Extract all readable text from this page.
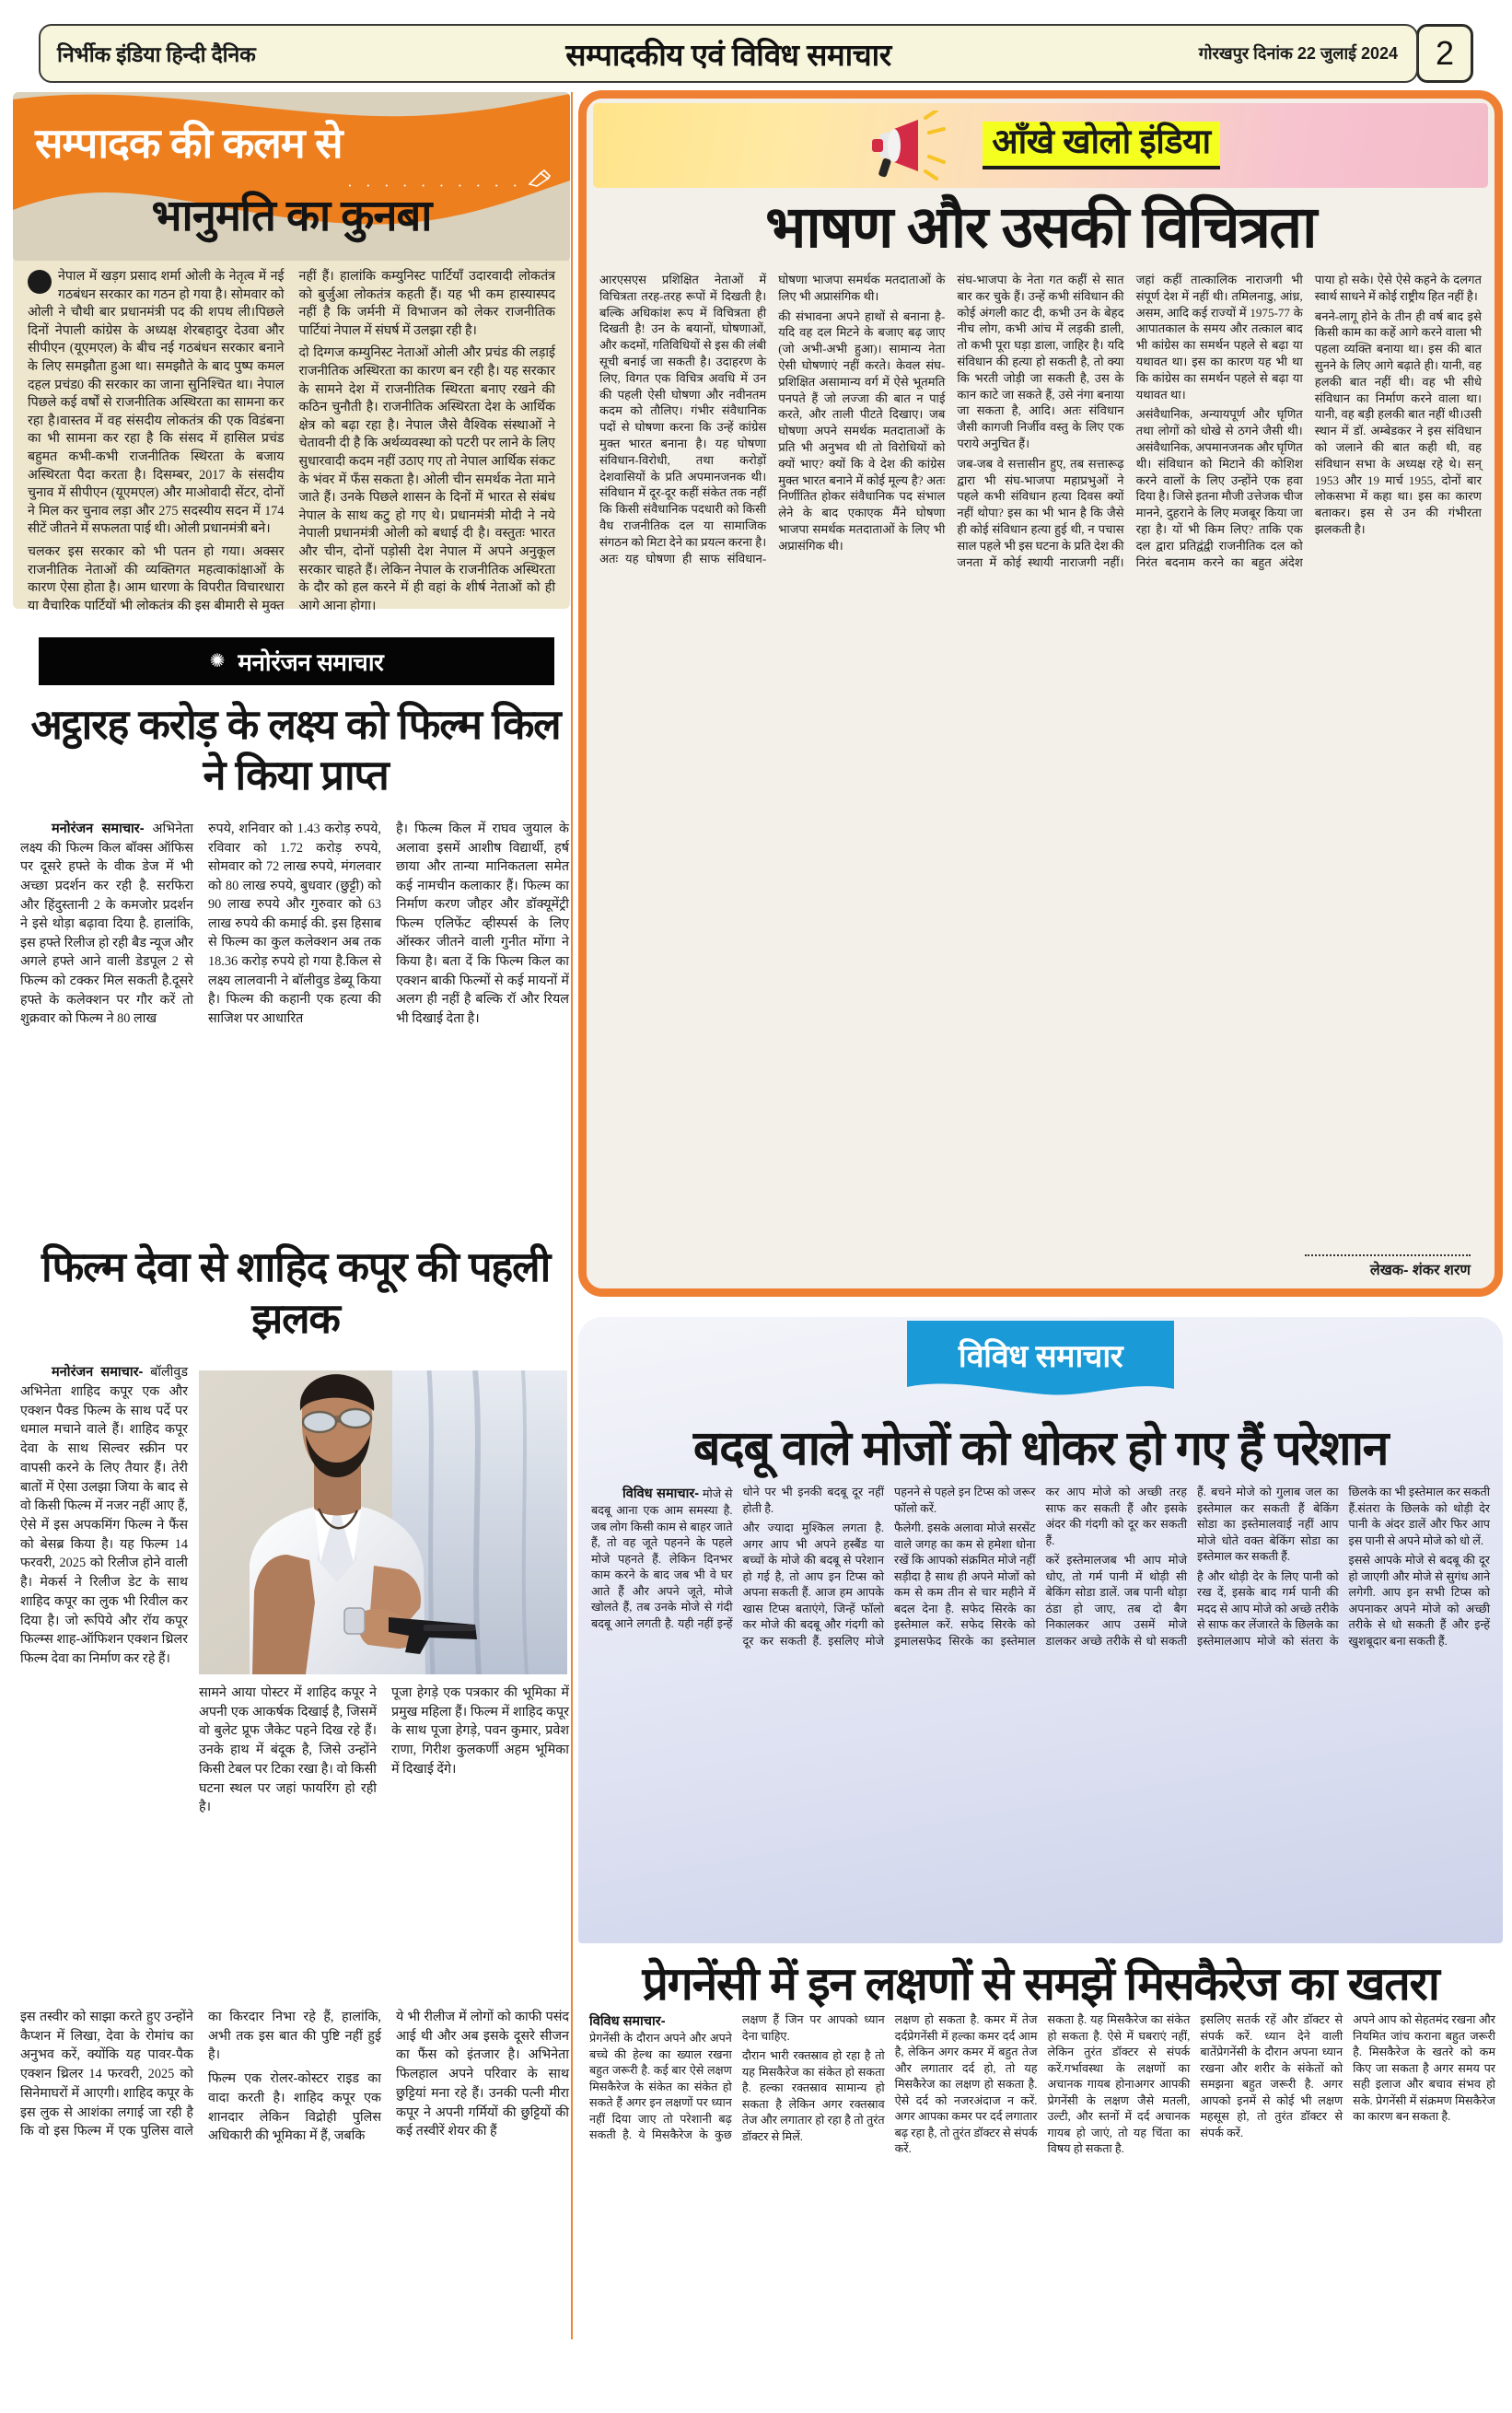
निर्भीक इंडिया हिन्दी दैनिक	सम्पादकीय एवं विविध समाचार	गोरखपुर दिनांक 22 जुलाई 2024	2
सम्पादक की कलम से
· · · · · · · · · ·
भानुमति का कुनबा

नेपाल में खड़ग प्रसाद शर्मा ओली के नेतृत्व में नई गठबंधन सरकार का गठन हो गया है। सोमवार को ओली ने चौथी बार प्रधानमंत्री पद की शपथ ली।पिछले दिनों नेपाली कांग्रेस के अध्यक्ष शेरबहादुर देउवा और सीपीएन (यूएमएल) के बीच नई गठबंधन सरकार बनाने के लिए समझौता हुआ था। समझौते के बाद पुष्प कमल दहल प्रचंड0 की सरकार का जाना सुनिश्चित था। नेपाल पिछले कई वर्षों से राजनीतिक अस्थिरता का सामना कर रहा है।वास्तव में वह संसदीय लोकतंत्र की एक विडंबना का भी सामना कर रहा है कि संसद में हासिल प्रचंड बहुमत कभी-कभी राजनीतिक स्थिरता के बजाय अस्थिरता पैदा करता है। दिसम्बर, 2017 के संसदीय चुनाव में सीपीएन (यूएमएल) और माओवादी सेंटर, दोनों ने मिल कर चुनाव लड़ा और 275 सदस्यीय सदन में 174 सीटें जीतने में सफलता पाई थी। ओली प्रधानमंत्री बने।

चलकर इस सरकार को भी पतन हो गया। अक्सर राजनीतिक नेताओं की व्यक्तिगत महत्वाकांक्षाओं के कारण ऐसा होता है। आम धारणा के विपरीत विचारधारा या वैचारिक पार्टियों भी लोकतंत्र की इस बीमारी से मुक्त नहीं हैं। हालांकि कम्युनिस्ट पार्टियाँ उदारवादी लोकतंत्र को बुर्जुआ लोकतंत्र कहती हैं। यह भी कम हास्यास्पद नहीं है कि जर्मनी में विभाजन को लेकर राजनीतिक पार्टियां नेपाल में संघर्ष में उलझा रही है।

दो दिग्गज कम्युनिस्ट नेताओं ओली और प्रचंड की लड़ाई राजनीतिक अस्थिरता का कारण बन रही है। यह सरकार के सामने देश में राजनीतिक स्थिरता बनाए रखने की कठिन चुनौती है। राजनीतिक अस्थिरता देश के आर्थिक क्षेत्र को बढ़ा रहा है। नेपाल जैसे वैश्विक संस्थाओं ने चेतावनी दी है कि अर्थव्यवस्था को पटरी पर लाने के लिए सुधारवादी कदम नहीं उठाए गए तो नेपाल आर्थिक संकट के भंवर में फँस सकता है। ओली चीन समर्थक नेता माने जाते हैं। उनके पिछले शासन के दिनों में भारत से संबंध नेपाल के साथ कटु हो गए थे। प्रधानमंत्री मोदी ने नये नेपाली प्रधानमंत्री ओली को बधाई दी है। वस्तुतः भारत और चीन, दोनों पड़ोसी देश नेपाल में अपने अनुकूल सरकार चाहते हैं। लेकिन नेपाल के राजनीतिक अस्थिरता के दौर को हल करने में ही वहां के शीर्ष नेताओं को ही आगे आना होगा।

✺ मनोरंजन समाचार
अट्ठारह करोड़ के लक्ष्य को फिल्म किल ने किया प्राप्त

मनोरंजन समाचार- अभिनेता लक्ष्य की फिल्म किल बॉक्स ऑफिस पर दूसरे हफ्ते के वीक डेज में भी अच्छा प्रदर्शन कर रही है. सरफिरा और हिंदुस्तानी 2 के कमजोर प्रदर्शन ने इसे थोड़ा बढ़ावा दिया है. हालांकि, इस हफ्ते रिलीज हो रही बैड न्यूज और अगले हफ्ते आने वाली डेडपूल 2 से फिल्म को टक्कर मिल सकती है.दूसरे हफ्ते के कलेक्शन पर गौर करें तो शुक्रवार को फिल्म ने 80 लाख

रुपये, शनिवार को 1.43 करोड़ रुपये, रविवार को 1.72 करोड़ रुपये, सोमवार को 72 लाख रुपये, मंगलवार को 80 लाख रुपये, बुधवार (छुट्टी) को 90 लाख रुपये और गुरुवार को 63 लाख रुपये की कमाई की. इस हिसाब से फिल्म का कुल कलेक्शन अब तक 18.36 करोड़ रुपये हो गया है.किल से लक्ष्य लालवानी ने बॉलीवुड डेब्यू किया है। फिल्म की कहानी एक हत्या की साजिश पर आधारित

है। फिल्म किल में राघव जुयाल के अलावा इसमें आशीष विद्यार्थी, हर्ष छाया और तान्या मानिकतला समेत कई नामचीन कलाकार हैं। फिल्म का निर्माण करण जौहर और डॉक्यूमेंट्री फिल्म एलिफेंट व्हीस्पर्स के लिए ऑस्कर जीतने वाली गुनीत मोंगा ने किया है। बता दें कि फिल्म किल का एक्शन बाकी फिल्मों से कई मायनों में अलग ही नहीं है बल्कि रॉ और रियल भी दिखाई देता है।

फिल्म देवा से शाहिद कपूर की पहली झलक

मनोरंजन समाचार- बॉलीवुड अभिनेता शाहिद कपूर एक और एक्शन पैक्ड फिल्म के साथ पर्दे पर धमाल मचाने वाले हैं। शाहिद कपूर देवा के साथ सिल्वर स्क्रीन पर वापसी करने के लिए तैयार हैं। तेरी बातों में ऐसा उलझा जिया के बाद से वो किसी फिल्म में नजर नहीं आए हैं, ऐसे में इस अपकमिंग फिल्म ने फैंस को बेसब्र किया है। यह फिल्म 14 फरवरी, 2025 को रिलीज होने वाली है। मेकर्स ने रिलीज डेट के साथ शाहिद कपूर का लुक भी रिवील कर दिया है। जो रूपिये और रॉय कपूर फिल्म्स शाह-ऑफिशन एक्शन थ्रिलर फिल्म देवा का निर्माण कर रहे हैं।

सामने आया पोस्टर में शाहिद कपूर ने अपनी एक आकर्षक दिखाई है, जिसमें वो बुलेट प्रूफ जैकेट पहने दिख रहे हैं। उनके हाथ में बंदूक है, जिसे उन्होंने किसी टेबल पर टिका रखा है। वो किसी घटना स्थल पर जहां फायरिंग हो रही है।

पूजा हेगड़े एक पत्रकार की भूमिका में प्रमुख महिला हैं। फिल्म में शाहिद कपूर के साथ पूजा हेगड़े, पवन कुमार, प्रवेश राणा, गिरीश कुलकर्णी अहम भूमिका में दिखाई देंगे।

इस तस्वीर को साझा करते हुए उन्होंने कैप्शन में लिखा, देवा के रोमांच का अनुभव करें, क्योंकि यह पावर-पैक एक्शन थ्रिलर 14 फरवरी, 2025 को सिनेमाघरों में आएगी। शाहिद कपूर के इस लुक से आशंका लगाई जा रही है कि वो इस फिल्म में एक पुलिस वाले का किरदार निभा रहे हैं, हालांकि, अभी तक इस बात की पुष्टि नहीं हुई है।

फिल्म एक रोलर-कोस्टर राइड का वादा करती है। शाहिद कपूर एक शानदार लेकिन विद्रोही पुलिस अधिकारी की भूमिका में हैं, जबकि

ये भी रीलीज में लोगों को काफी पसंद आई थी और अब इसके दूसरे सीजन का फैंस को इंतजार है। अभिनेता फिलहाल अपने परिवार के साथ छुट्टियां मना रहे हैं। उनकी पत्नी मीरा कपूर ने अपनी गर्मियों की छुट्टियों की कई तस्वीरें शेयर की हैं

आँखे खोलो इंडिया
भाषण और उसकी विचित्रता

आरएसएस प्रशिक्षित नेताओं में विचित्रता तरह-तरह रूपों में दिखती है। बल्कि अधिकांश रूप में विचित्रता ही दिखती है! उन के बयानों, घोषणाओं, और कदमों, गतिविधियों से इस की लंबी सूची बनाई जा सकती है। उदाहरण के लिए, विगत एक विचित्र अवधि में उन की पहली ऐसी घोषणा और नवीनतम कदम को तौलिए। गंभीर संवैधानिक पदों से घोषणा करना कि उन्हें कांग्रेस मुक्त भारत बनाना है। यह घोषणा संविधान-विरोधी, तथा करोड़ों देशवासियों के प्रति अपमानजनक थी। संविधान में दूर-दूर कहीं संकेत तक नहीं कि किसी संवैधानिक पदधारी को किसी वैध राजनीतिक दल या सामाजिक संगठन को मिटा देने का प्रयत्न करना है। अतः यह घोषणा ही साफ संविधान-घोषणा भाजपा समर्थक मतदाताओं के लिए भी अप्रासंगिक थी।

की संभावना अपने हाथों से बनाना है- यदि वह दल मिटने के बजाए बढ़ जाए (जो अभी-अभी हुआ)। सामान्य नेता ऐसी घोषणाएं नहीं करते। केवल संघ-प्रशिक्षित असामान्य वर्ग में ऐसे भूतमति पनपते हैं जो लज्जा की बात न पाई करते, और ताली पीटते दिखाए। जब घोषणा अपने समर्थक मतदाताओं के प्रति भी अनुभव थी तो विरोधियों को क्यों भाए? क्यों कि वे देश की कांग्रेस मुक्त भारत बनाने में कोई मूल्य है? अतः निर्णीतित होकर संवैधानिक पद संभाल लेने के बाद एकाएक मैंने घोषणा भाजपा समर्थक मतदाताओं के लिए भी अप्रासंगिक थी।

संघ-भाजपा के नेता गत कहीं से सात बार कर चुके हैं। उन्हें कभी संविधान की कोई अंगली काट दी, कभी उन के बेहद नीच लोग, कभी आंच में लड़की डाली, तो कभी पूरा घड़ा डाला, जाहिर है। यदि संविधान की हत्या हो सकती है, तो क्या कि भरती जोड़ी जा सकती है, उस के कान काटे जा सकते हैं, उसे नंगा बनाया जा सकता है, आदि। अतः संविधान जैसी कागजी निर्जीव वस्तु के लिए एक पराये अनुचित हैं।

जब-जब वे सत्तासीन हुए, तब सत्तारूढ़ द्वारा भी संघ-भाजपा महाप्रभुओं ने पहले कभी संविधान हत्या दिवस क्यों नहीं थोपा? इस का भी भान है कि जैसे ही कोई संविधान हत्या हुई थी, न पचास साल पहले भी इस घटना के प्रति देश की जनता में कोई स्थायी नाराजगी नहीं। जहां कहीं तात्कालिक नाराजगी भी संपूर्ण देश में नहीं थी। तमिलनाडु, आंध्र, असम, आदि कई राज्यों में 1975-77 के आपातकाल के समय और तत्काल बाद भी कांग्रेस का समर्थन पहले से बढ़ा या यथावत था। इस का कारण यह भी था कि कांग्रेस का समर्थन पहले से बढ़ा या यथावत था।

असंवैधानिक, अन्यायपूर्ण और घृणित तथा लोगों को धोखे से ठगने जैसी थी। असंवैधानिक, अपमानजनक और घृणित थी। संविधान को मिटाने की कोशिश करने वालों के लिए उन्होंने एक हवा दिया है। जिसे इतना मौजी उत्तेजक चीज मानने, दुहराने के लिए मजबूर किया जा रहा है। यों भी किम लिए? ताकि एक दल द्वारा प्रतिद्वंद्वी राजनीतिक दल को निरंत बदनाम करने का बहुत अंदेश पाया हो सके। ऐसे ऐसे कहने के दलगत स्वार्थ साधने में कोई राष्ट्रीय हित नहीं है।

बनने-लागू होने के तीन ही वर्ष बाद इसे किसी काम का कहें आगे करने वाला भी पहला व्यक्ति बनाया था। इस की बात सुनने के लिए आगे बढ़ाते ही। यानी, वह हलकी बात नहीं थी। वह भी सीधे संविधान का निर्माण करने वाला था। यानी, वह बड़ी हलकी बात नहीं थी।उसी स्थान में डॉ. अम्बेडकर ने इस संविधान को जलाने की बात कही थी, वह संविधान सभा के अध्यक्ष रहे थे। सन् 1953 और 19 मार्च 1955, दोनों बार लोकसभा में कहा था। इस का कारण बताकर। इस से उन की गंभीरता झलकती है।

लेखक- शंकर शरण
विविध समाचार
बदबू वाले मोजों को धोकर हो गए हैं परेशान

विविध समाचार- मोजे से बदबू आना एक आम समस्या है. जब लोग किसी काम से बाहर जाते हैं, तो वह जूते पहनने के पहले मोजे पहनते हैं. लेकिन दिनभर काम करने के बाद जब भी वे घर आते हैं और अपने जूते, मोजे खोलते हैं, तब उनके मोजे से गंदी बदबू आने लगती है. यही नहीं इन्हें धोने पर भी इनकी बदबू दूर नहीं होती है.

और ज्यादा मुश्किल लगता है. अगर आप भी अपने हस्बैंड या बच्चों के मोजे की बदबू से परेशान हो गई है, तो आप इन टिप्स को अपना सकती हैं. आज हम आपके खास टिप्स बताएंगे, जिन्हें फॉलो कर मोजे की बदबू और गंदगी को दूर कर सकती हैं. इसलिए मोजे पहनने से पहले इन टिप्स को जरूर फॉलो करें.

फैलेगी. इसके अलावा मोजे सरसेंट वाले जगह का कम से हमेशा धोना रखें कि आपको संक्रमित मोजे नहीं सड़ीदा है साथ ही अपने मोजों को कम से कम तीन से चार महीने में बदल देना है. सफेद सिरके का इस्तेमाल करें. सफेद सिरके को ड्रमालसफेद सिरके का इस्तेमाल कर आप मोजे को अच्छी तरह साफ कर सकती हैं और इसके अंदर की गंदगी को दूर कर सकती हैं.

करें इस्तेमालजब भी आप मोजे धोए, तो गर्म पानी में थोड़ी सी बेकिंग सोडा डालें. जब पानी थोड़ा ठंडा हो जाए, तब दो बैग निकालकर आप उसमें मोजे डालकर अच्छे तरीके से धो सकती हैं. बचने मोजे को गुलाब जल का इस्तेमाल कर सकती हैं बेकिंग सोडा का इस्तेमालवाई नहीं आप मोजे धोते वक्त बेकिंग सोडा का इस्तेमाल कर सकती हैं.

है और थोड़ी देर के लिए पानी को रख दें, इसके बाद गर्म पानी की मदद से आप मोजे को अच्छे तरीके से साफ कर लेंजारते के छिलके का इस्तेमालआप मोजे को संतरा के छिलके का भी इस्तेमाल कर सकती हैं.संतरा के छिलके को थोड़ी देर पानी के अंदर डालें और फिर आप इस पानी से अपने मोजे को धो लें.

इससे आपके मोजे से बदबू की दूर हो जाएगी और मोजे से सुगंध आने लगेगी. आप इन सभी टिप्स को अपनाकर अपने मोजे को अच्छी तरीके से धो सकती हैं और इन्हें खुशबूदार बना सकती हैं.

प्रेगनेंसी में इन लक्षणों से समझें मिसकैरेज का खतरा

विविध समाचार-
प्रेगनेंसी के दौरान अपने और अपने बच्चे की हेल्थ का ख्याल रखना बहुत जरूरी है. कई बार ऐसे लक्षण मिसकैरेज के संकेत का संकेत हो सकते हैं अगर इन लक्षणों पर ध्यान नहीं दिया जाए तो परेशानी बढ़ सकती है. ये मिसकैरेज के कुछ लक्षण हैं जिन पर आपको ध्यान देना चाहिए.

दौरान भारी रक्तस्राव हो रहा है तो यह मिसकैरेज का संकेत हो सकता है. हल्का रक्तस्राव सामान्य हो सकता है लेकिन अगर रक्तस्राव तेज और लगातार हो रहा है तो तुरंत डॉक्टर से मिलें.

लक्षण हो सकता है. कमर में तेज दर्दप्रेगनेंसी में हल्का कमर दर्द आम है, लेकिन अगर कमर में बहुत तेज और लगातार दर्द हो, तो यह मिसकैरेज का लक्षण हो सकता है. ऐसे दर्द को नजरअंदाज न करें. अगर आपका कमर पर दर्द लगातार बढ़ रहा है, तो तुरंत डॉक्टर से संपर्क करें.

सकता है. यह मिसकैरेज का संकेत हो सकता है. ऐसे में घबराएं नहीं, लेकिन तुरंत डॉक्टर से संपर्क करें.गर्भावस्था के लक्षणों का अचानक गायब होनाअगर आपकी प्रेगनेंसी के लक्षण जैसे मतली, उल्टी, और स्तनों में दर्द अचानक गायब हो जाएं, तो यह चिंता का विषय हो सकता है.

इसलिए सतर्क रहें और डॉक्टर से संपर्क करें. ध्यान देने वाली बातेंप्रेगनेंसी के दौरान अपना ध्यान रखना और शरीर के संकेतों को समझना बहुत जरूरी है. अगर आपको इनमें से कोई भी लक्षण महसूस हो, तो तुरंत डॉक्टर से संपर्क करें.

अपने आप को सेहतमंद रखना और नियमित जांच कराना बहुत जरूरी है. मिसकैरेज के खतरे को कम किए जा सकता है अगर समय पर सही इलाज और बचाव संभव हो सके. प्रेगनेंसी में संक्रमण मिसकैरेज का कारण बन सकता है.
